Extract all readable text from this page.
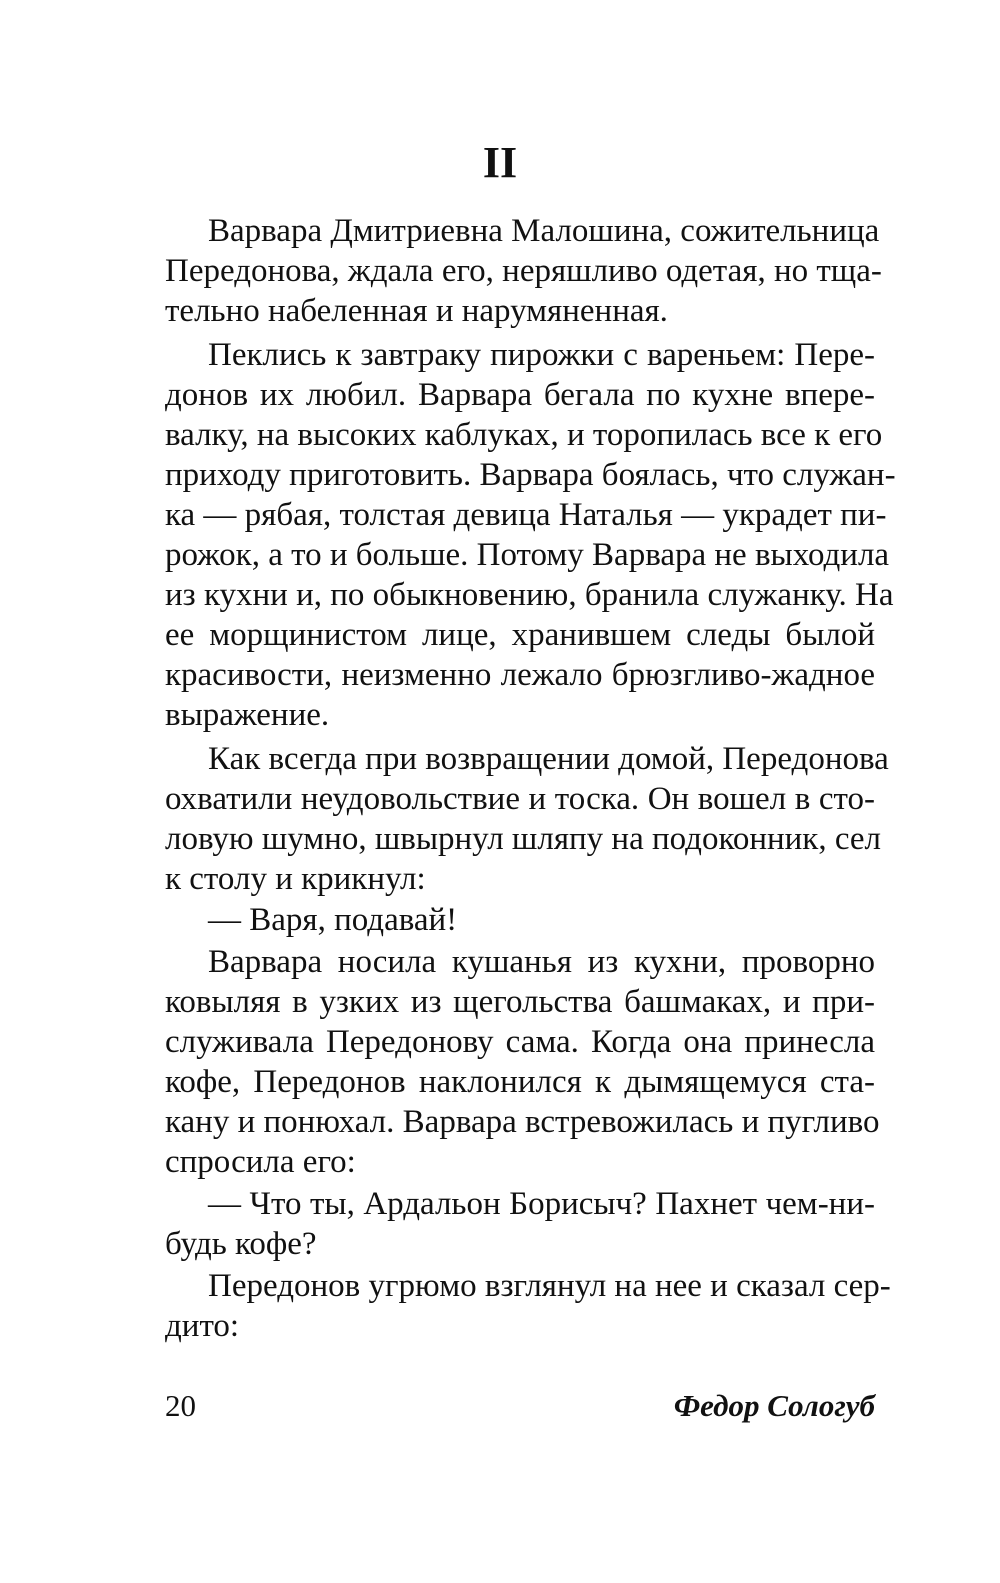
II

Варвара Дмитриевна Малошина, сожительница

Передонова, ждала его, неряшливо одетая, но тща-

тельно набеленная и нарумяненная.

Пеклись к завтраку пирожки с вареньем: Пере-

донов их любил. Варвара бегала по кухне впере-

валку, на высоких каблуках, и торопилась все к его

приходу приготовить. Варвара боялась, что служан-

ка — рябая, толстая девица Наталья — украдет пи-

рожок, а то и больше. Потому Варвара не выходила

из кухни и, по обыкновению, бранила служанку. На

ее морщинистом лице, хранившем следы былой

красивости, неизменно лежало брюзгливо-жадное

выражение.

Как всегда при возвращении домой, Передонова

охватили неудовольствие и тоска. Он вошел в сто-

ловую шумно, швырнул шляпу на подоконник, сел

к столу и крикнул:

— Варя, подавай!

Варвара носила кушанья из кухни, проворно

ковыляя в узких из щегольства башмаках, и при-

служивала Передонову сама. Когда она принесла

кофе, Передонов наклонился к дымящемуся ста-

кану и понюхал. Варвара встревожилась и пугливо

спросила его:

— Что ты, Ардальон Борисыч? Пахнет чем-ни-

будь кофе?

Передонов угрюмо взглянул на нее и сказал сер-

дито:

20	Федор Сологуб
